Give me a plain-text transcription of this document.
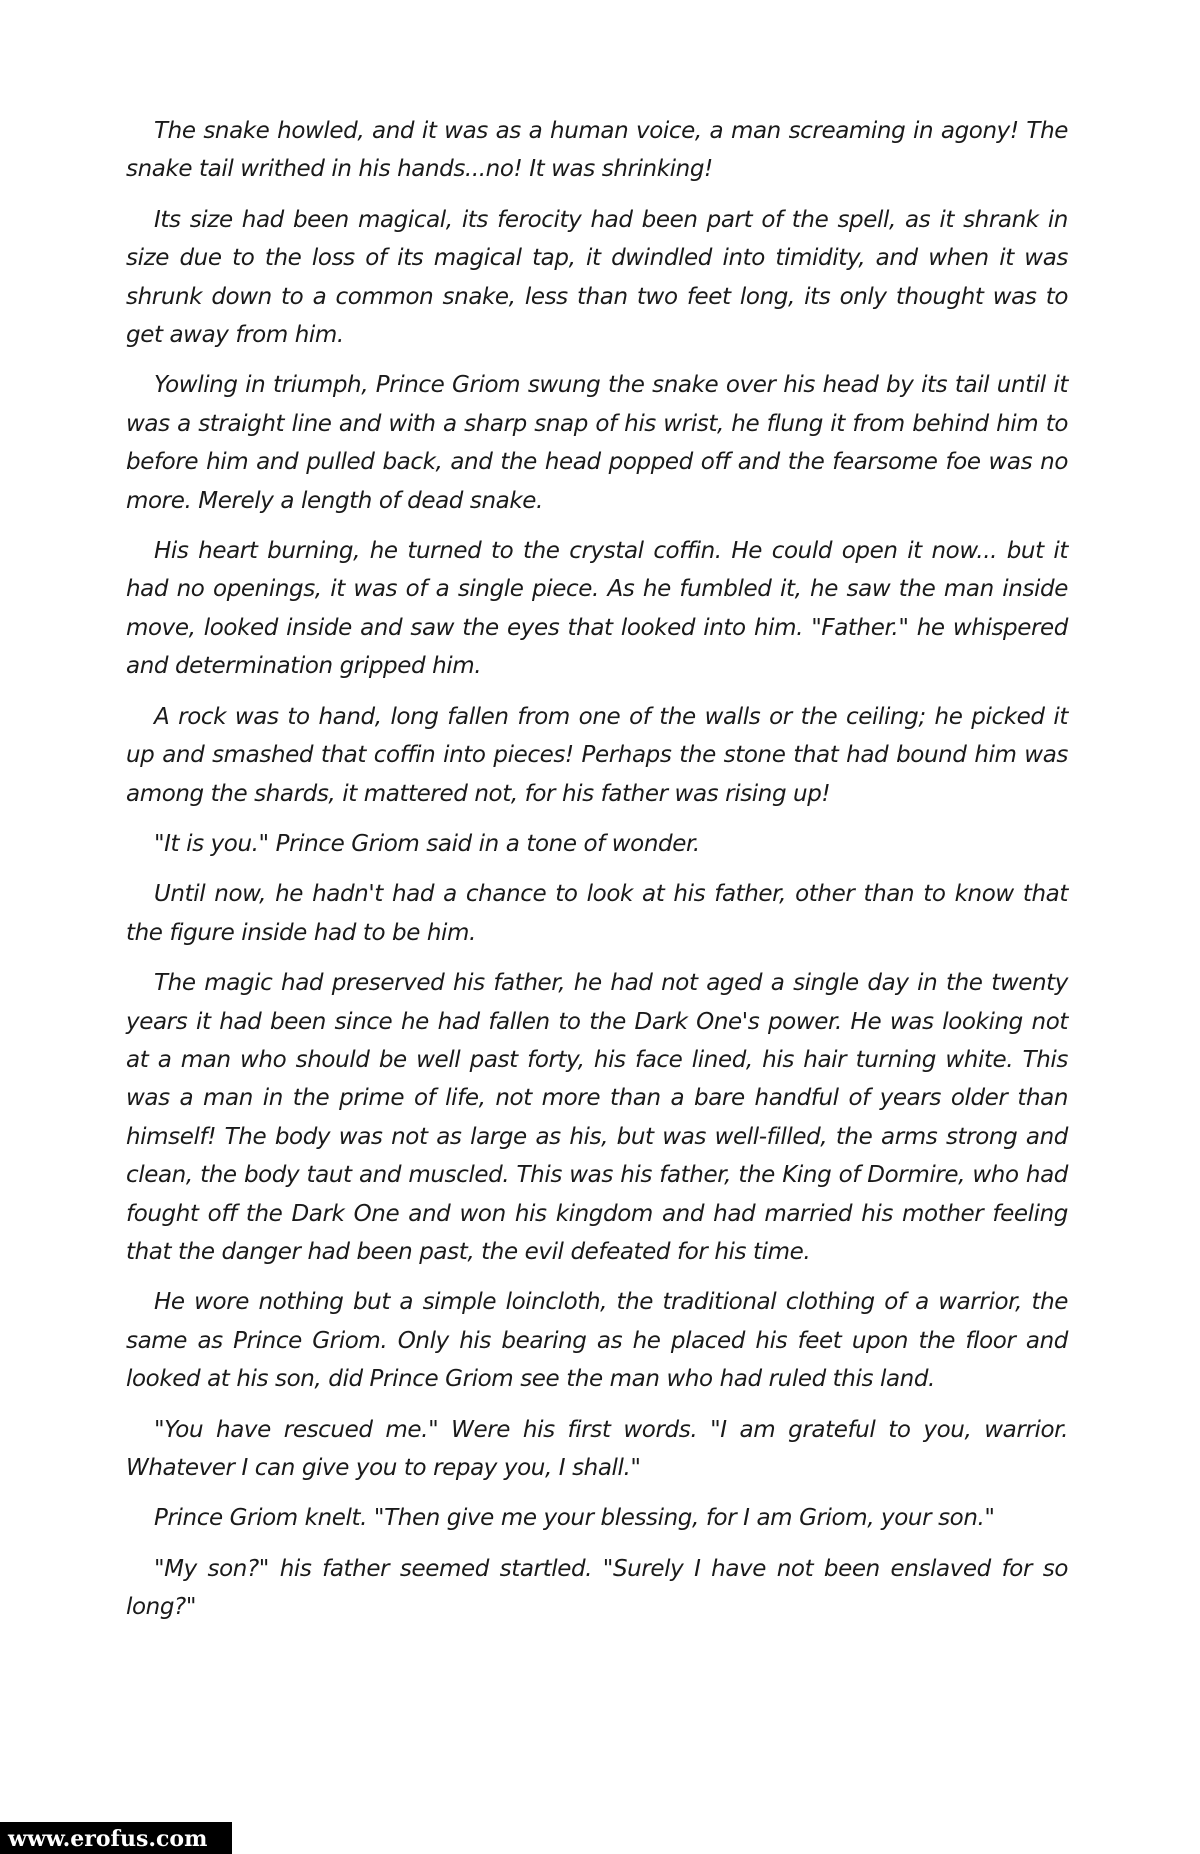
The snake howled, and it was as a human voice, a man screaming in agony! The snake tail writhed in his hands...no! It was shrinking!

Its size had been magical, its ferocity had been part of the spell, as it shrank in size due to the loss of its magical tap, it dwindled into timidity, and when it was shrunk down to a common snake, less than two feet long, its only thought was to get away from him.

Yowling in triumph, Prince Griom swung the snake over his head by its tail until it was a straight line and with a sharp snap of his wrist, he flung it from behind him to before him and pulled back, and the head popped off and the fearsome foe was no more. Merely a length of dead snake.

His heart burning, he turned to the crystal coffin. He could open it now... but it had no openings, it was of a single piece. As he fumbled it, he saw the man inside move, looked inside and saw the eyes that looked into him. "Father." he whispered and determination gripped him.

A rock was to hand, long fallen from one of the walls or the ceiling; he picked it up and smashed that coffin into pieces! Perhaps the stone that had bound him was among the shards, it mattered not, for his father was rising up!

"It is you." Prince Griom said in a tone of wonder.

Until now, he hadn't had a chance to look at his father, other than to know that the figure inside had to be him.

The magic had preserved his father, he had not aged a single day in the twenty years it had been since he had fallen to the Dark One's power. He was looking not at a man who should be well past forty, his face lined, his hair turning white. This was a man in the prime of life, not more than a bare handful of years older than himself! The body was not as large as his, but was well-filled, the arms strong and clean, the body taut and muscled. This was his father, the King of Dormire, who had fought off the Dark One and won his kingdom and had married his mother feeling that the danger had been past, the evil defeated for his time.

He wore nothing but a simple loincloth, the traditional clothing of a warrior, the same as Prince Griom. Only his bearing as he placed his feet upon the floor and looked at his son, did Prince Griom see the man who had ruled this land.

"You have rescued me." Were his first words. "I am grateful to you, warrior. Whatever I can give you to repay you, I shall."

Prince Griom knelt. "Then give me your blessing, for I am Griom, your son."

"My son?" his father seemed startled. "Surely I have not been enslaved for so long?"

www.erofus.com
